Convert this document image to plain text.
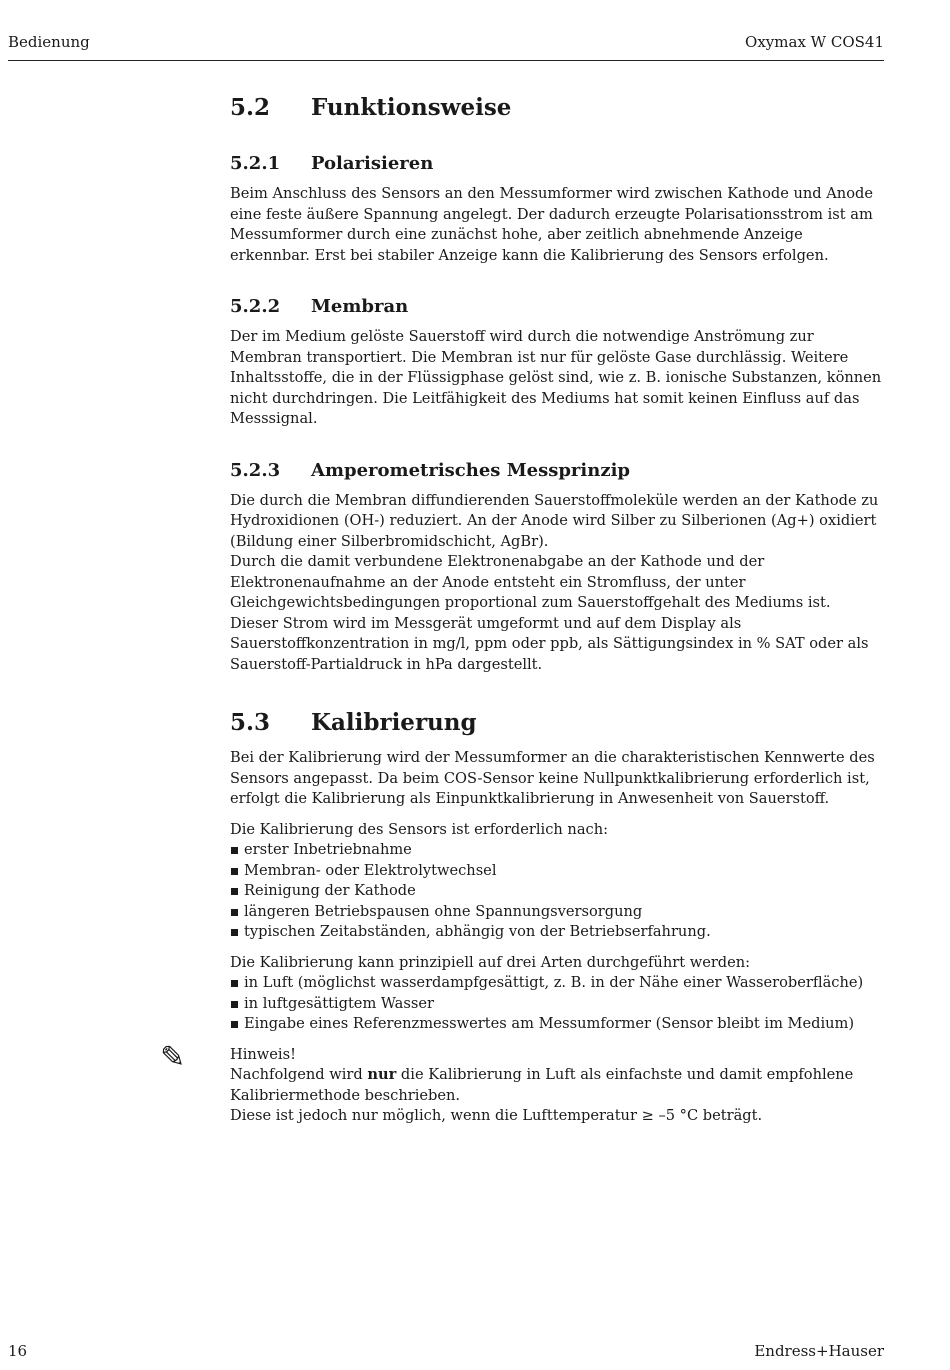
Bedienung	Oxymax W COS41
5.2	Funktionsweise
5.2.1	Polarisieren

Beim Anschluss des Sensors an den Messumformer wird zwischen Kathode und Anode eine feste äußere Spannung angelegt. Der dadurch erzeugte Polarisationsstrom ist am Messumformer durch eine zunächst hohe, aber zeitlich abnehmende Anzeige erkennbar. Erst bei stabiler Anzeige kann die Kalibrierung des Sensors erfolgen.

5.2.2	Membran

Der im Medium gelöste Sauerstoff wird durch die notwendige Anströmung zur Membran transportiert. Die Membran ist nur für gelöste Gase durchlässig. Weitere Inhaltsstoffe, die in der Flüssigphase gelöst sind, wie z. B. ionische Substanzen, können nicht durchdringen. Die Leitfähigkeit des Mediums hat somit keinen Einfluss auf das Messsignal.

5.2.3	Amperometrisches Messprinzip

Die durch die Membran diffundierenden Sauerstoffmoleküle werden an der Kathode zu Hydroxidionen (OH-) reduziert. An der Anode wird Silber zu Silberionen (Ag+) oxidiert (Bildung einer Silberbromidschicht, AgBr).

Durch die damit verbundene Elektronenabgabe an der Kathode und der Elektronenaufnahme an der Anode entsteht ein Stromfluss, der unter Gleichgewichtsbedingungen proportional zum Sauerstoffgehalt des Mediums ist.

Dieser Strom wird im Messgerät umgeformt und auf dem Display als Sauerstoffkonzentration in mg/l, ppm oder ppb, als Sättigungsindex in % SAT oder als Sauerstoff-Partialdruck in hPa dargestellt.

5.3	Kalibrierung

Bei der Kalibrierung wird der Messumformer an die charakteristischen Kennwerte des Sensors angepasst. Da beim COS-Sensor keine Nullpunktkalibrierung erforderlich ist, erfolgt die Kalibrierung als Einpunktkalibrierung in Anwesenheit von Sauerstoff.

Die Kalibrierung des Sensors ist erforderlich nach:

erster Inbetriebnahme
Membran- oder Elektrolytwechsel
Reinigung der Kathode
längeren Betriebspausen ohne Spannungsversorgung
typischen Zeitabständen, abhängig von der Betriebserfahrung.

Die Kalibrierung kann prinzipiell auf drei Arten durchgeführt werden:

in Luft (möglichst wasserdampfgesättigt, z. B. in der Nähe einer Wasseroberfläche)
in luftgesättigtem Wasser
Eingabe eines Referenzmesswertes am Messumformer (Sensor bleibt im Medium)
✎	Hinweis!

Nachfolgend wird nur die Kalibrierung in Luft als einfachste und damit empfohlene Kalibriermethode beschrieben.

Diese ist jedoch nur möglich, wenn die Lufttemperatur ≥ –5 °C beträgt.

16	Endress+Hauser
